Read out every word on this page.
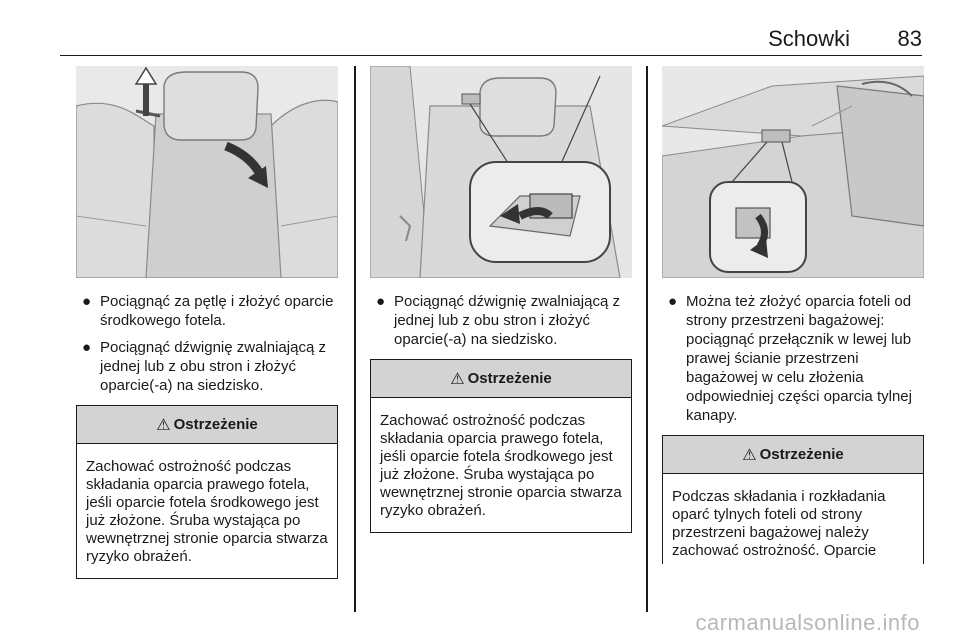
Schowki 83
● Pociągnąć za pętlę i złożyć oparcie środkowego fotela.
● Pociągnąć dźwignię zwalniającą z jednej lub z obu stron i złożyć oparcie(-a) na siedzisko.
⚠ Ostrzeżenie
Zachować ostrożność podczas składania oparcia prawego fotela, jeśli oparcie fotela środkowego jest już złożone. Śruba wystająca po wewnętrznej stronie oparcia stwarza ryzyko obrażeń.
● Pociągnąć dźwignię zwalniającą z jednej lub z obu stron i złożyć oparcie(-a) na siedzisko.
⚠ Ostrzeżenie
Zachować ostrożność podczas składania oparcia prawego fotela, jeśli oparcie fotela środkowego jest już złożone. Śruba wystająca po wewnętrznej stronie oparcia stwarza ryzyko obrażeń.
● Można też złożyć oparcia foteli od strony przestrzeni bagażowej: pociągnąć przełącznik w lewej lub prawej ścianie przestrzeni bagażowej w celu złożenia odpowiedniej części oparcia tylnej kanapy.
⚠ Ostrzeżenie
Podczas składania i rozkładania oparć tylnych foteli od strony przestrzeni bagażowej należy zachować ostrożność. Oparcie
carmanualsonline.info
